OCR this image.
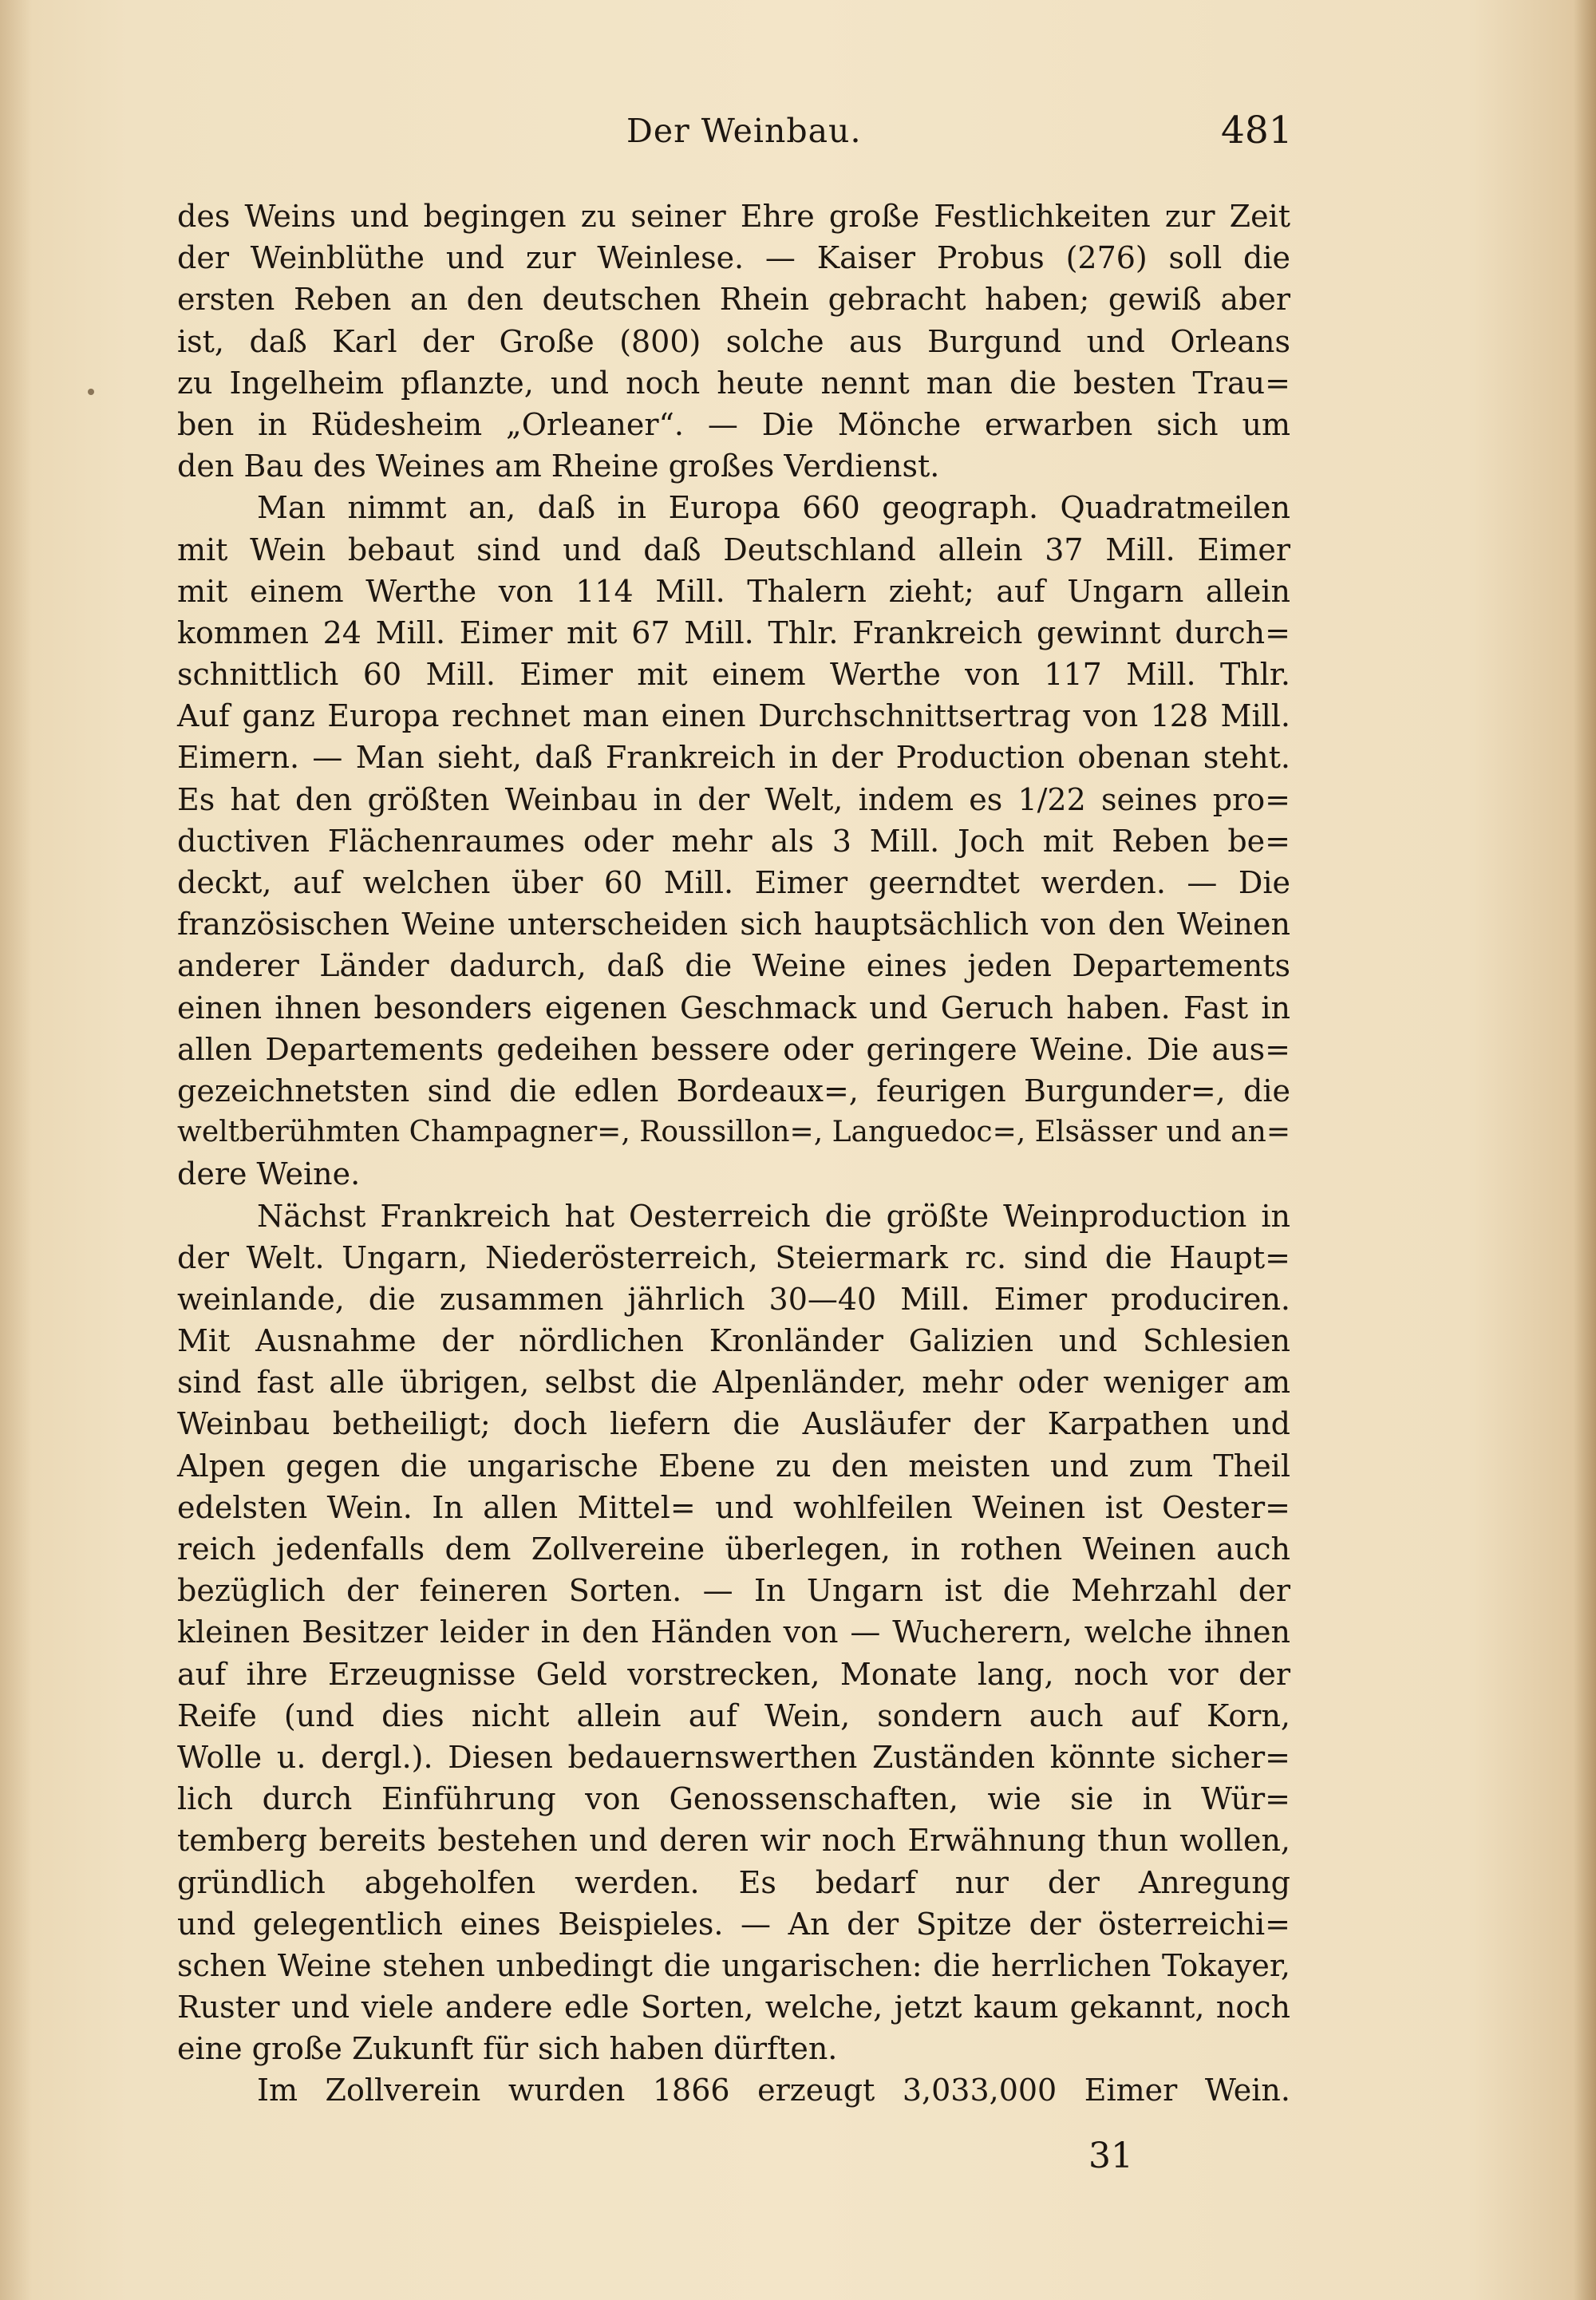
Der Weinbau.	481
des Weins und begingen zu seiner Ehre große Festlichkeiten zur Zeit
der Weinblüthe und zur Weinlese. — Kaiser Probus (276) soll die
ersten Reben an den deutschen Rhein gebracht haben; gewiß aber
ist, daß Karl der Große (800) solche aus Burgund und Orleans
zu Ingelheim pflanzte, und noch heute nennt man die besten Trau=
ben in Rüdesheim „Orleaner“. — Die Mönche erwarben sich um
den Bau des Weines am Rheine großes Verdienst.
Man nimmt an, daß in Europa 660 geograph. Quadratmeilen
mit Wein bebaut sind und daß Deutschland allein 37 Mill. Eimer
mit einem Werthe von 114 Mill. Thalern zieht; auf Ungarn allein
kommen 24 Mill. Eimer mit 67 Mill. Thlr. Frankreich gewinnt durch=
schnittlich 60 Mill. Eimer mit einem Werthe von 117 Mill. Thlr.
Auf ganz Europa rechnet man einen Durchschnittsertrag von 128 Mill.
Eimern. — Man sieht, daß Frankreich in der Production obenan steht.
Es hat den größten Weinbau in der Welt, indem es 1/22 seines pro=
ductiven Flächenraumes oder mehr als 3 Mill. Joch mit Reben be=
deckt, auf welchen über 60 Mill. Eimer geerndtet werden. — Die
französischen Weine unterscheiden sich hauptsächlich von den Weinen
anderer Länder dadurch, daß die Weine eines jeden Departements
einen ihnen besonders eigenen Geschmack und Geruch haben. Fast in
allen Departements gedeihen bessere oder geringere Weine. Die aus=
gezeichnetsten sind die edlen Bordeaux=, feurigen Burgunder=, die
weltberühmten Champagner=, Roussillon=, Languedoc=, Elsässer und an=
dere Weine.
Nächst Frankreich hat Oesterreich die größte Weinproduction in
der Welt. Ungarn, Niederösterreich, Steiermark rc. sind die Haupt=
weinlande, die zusammen jährlich 30—40 Mill. Eimer produciren.
Mit Ausnahme der nördlichen Kronländer Galizien und Schlesien
sind fast alle übrigen, selbst die Alpenländer, mehr oder weniger am
Weinbau betheiligt; doch liefern die Ausläufer der Karpathen und
Alpen gegen die ungarische Ebene zu den meisten und zum Theil
edelsten Wein. In allen Mittel= und wohlfeilen Weinen ist Oester=
reich jedenfalls dem Zollvereine überlegen, in rothen Weinen auch
bezüglich der feineren Sorten. — In Ungarn ist die Mehrzahl der
kleinen Besitzer leider in den Händen von — Wucherern, welche ihnen
auf ihre Erzeugnisse Geld vorstrecken, Monate lang, noch vor der
Reife (und dies nicht allein auf Wein, sondern auch auf Korn,
Wolle u. dergl.). Diesen bedauernswerthen Zuständen könnte sicher=
lich durch Einführung von Genossenschaften, wie sie in Wür=
temberg bereits bestehen und deren wir noch Erwähnung thun wollen,
gründlich abgeholfen werden. Es bedarf nur der Anregung
und gelegentlich eines Beispieles. — An der Spitze der österreichi=
schen Weine stehen unbedingt die ungarischen: die herrlichen Tokayer,
Ruster und viele andere edle Sorten, welche, jetzt kaum gekannt, noch
eine große Zukunft für sich haben dürften.
Im Zollverein wurden 1866 erzeugt 3,033,000 Eimer Wein.
31
